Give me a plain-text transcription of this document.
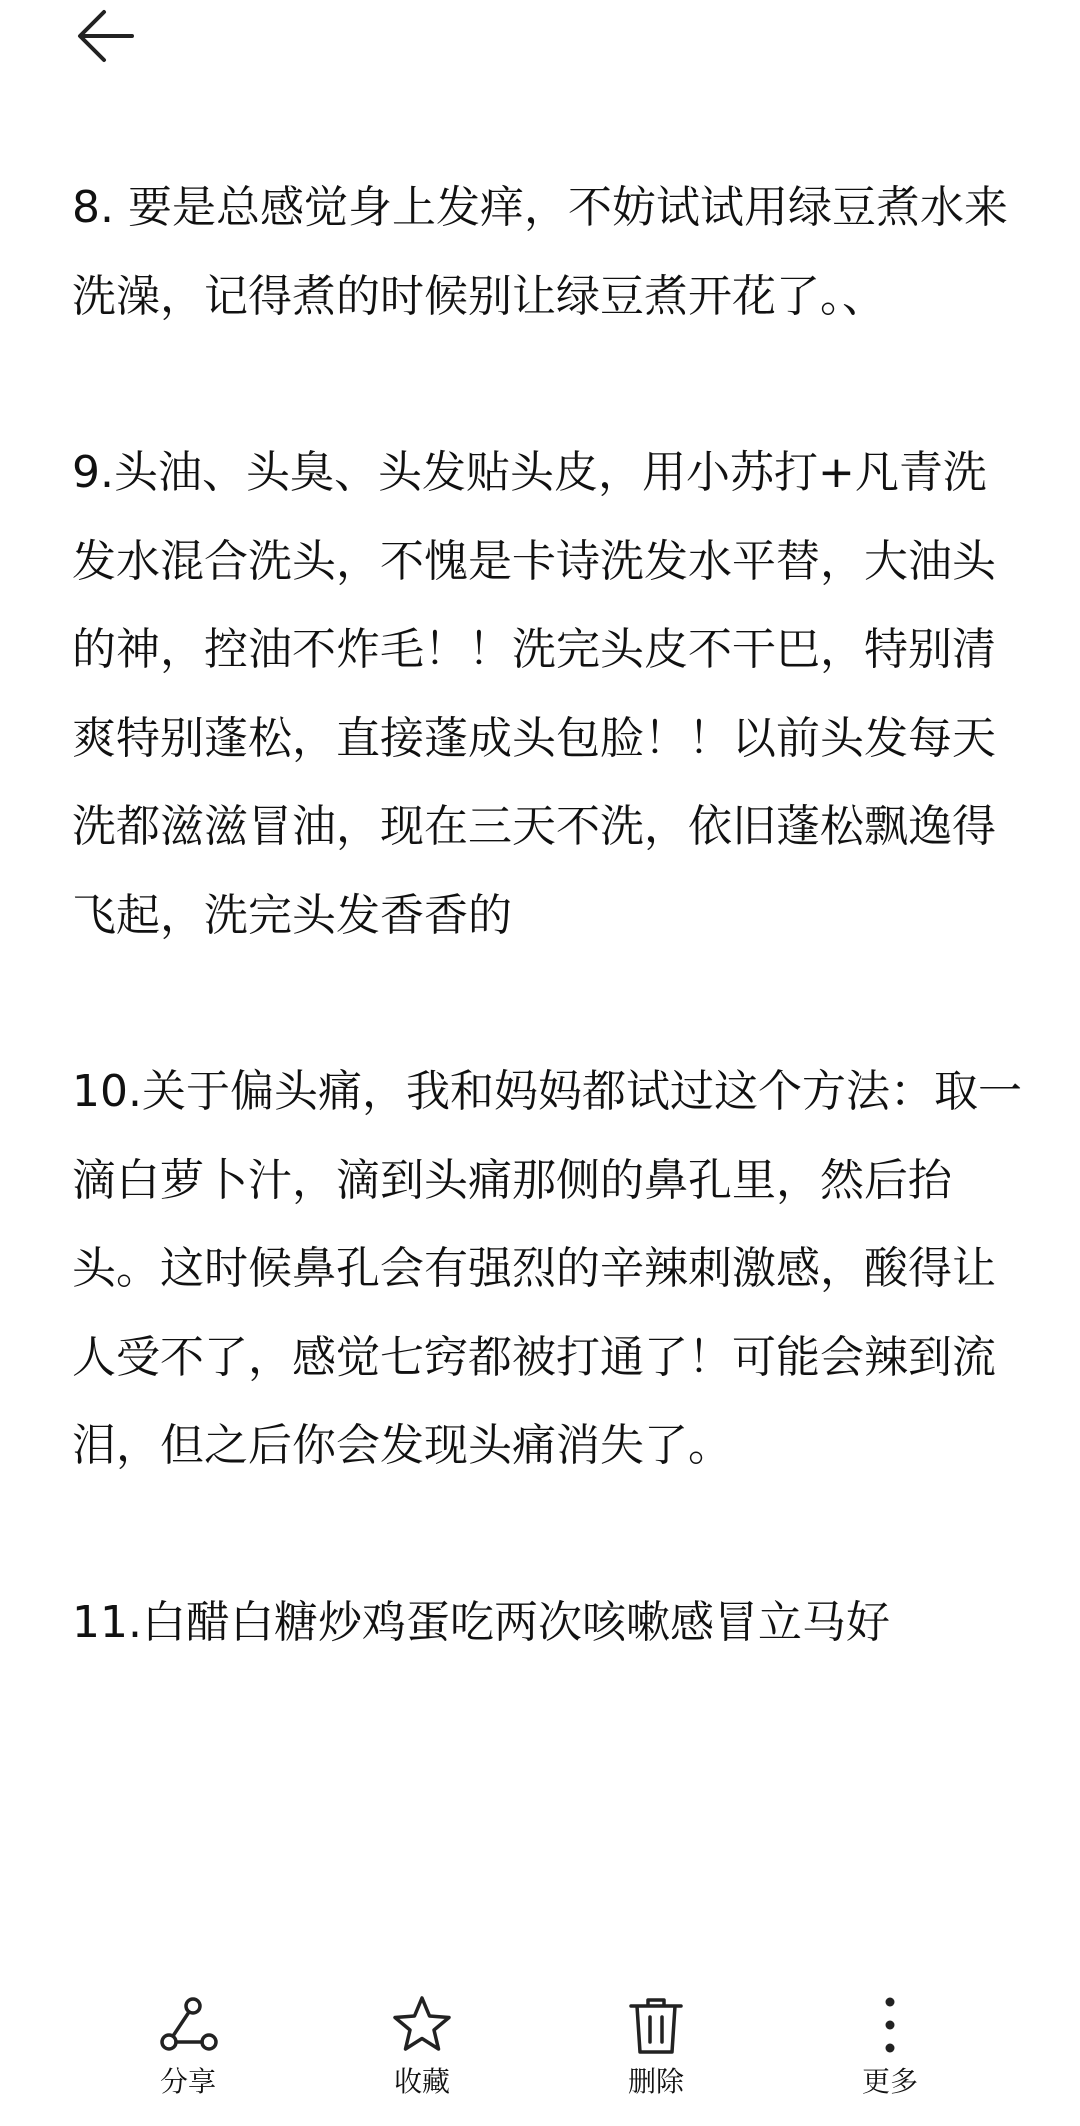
8. 要是总感觉身上发痒，不妨试试用绿豆煮水来洗澡，记得煮的时候别让绿豆煮开花了。、

9.头油、头臭、头发贴头皮，用小苏打+凡青洗发水混合洗头，不愧是卡诗洗发水平替，大油头的神，控油不炸毛！！洗完头皮不干巴，特别清爽特别蓬松，直接蓬成头包脸！！以前头发每天洗都滋滋冒油，现在三天不洗，依旧蓬松飘逸得飞起，洗完头发香香的

10.关于偏头痛，我和妈妈都试过这个方法：取一滴白萝卜汁，滴到头痛那侧的鼻孔里，然后抬头。这时候鼻孔会有强烈的辛辣刺激感，酸得让人受不了，感觉七窍都被打通了！可能会辣到流泪，但之后你会发现头痛消失了。

11.白醋白糖炒鸡蛋吃两次咳嗽感冒立马好

分享	收藏	删除	更多
